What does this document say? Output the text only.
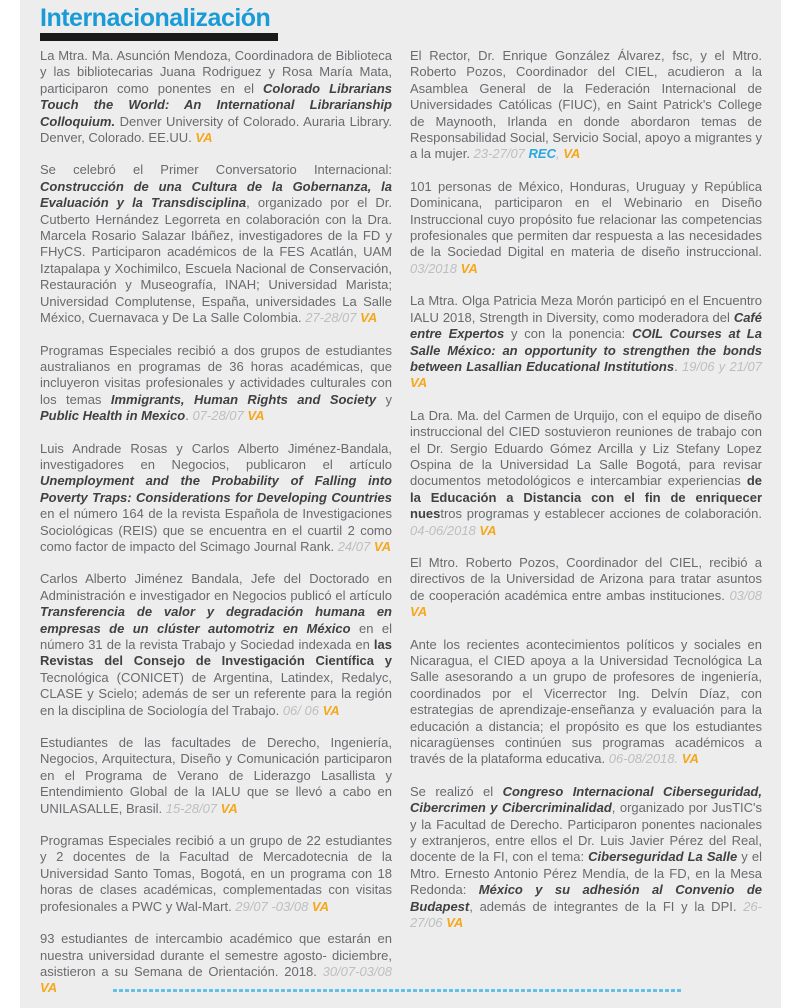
Internacionalización

La Mtra. Ma. Asunción Mendoza, Coordinadora de Biblioteca y las bibliotecarias Juana Rodriguez y Rosa María Mata, participaron como ponentes en el Colorado Librarians Touch the World: An International Librarianship Colloquium. Denver University of Colorado. Auraria Library. Denver, Colorado. EE.UU. VA

Se celebró el Primer Conversatorio Internacional: Construcción de una Cultura de la Gobernanza, la Evaluación y la Transdisciplina, organizado por el Dr. Cutberto Hernández Legorreta en colaboración con la Dra. Marcela Rosario Salazar Ibáñez, investigadores de la FD y FHyCS. Participaron académicos de la FES Acatlán, UAM Iztapalapa y Xochimilco, Escuela Nacional de Conservación, Restauración y Museografía, INAH; Universidad Marista; Universidad Complutense, España, universidades La Salle México, Cuernavaca y De La Salle Colombia. 27-28/07 VA

Programas Especiales recibió a dos grupos de estudiantes australianos en programas de 36 horas académicas, que incluyeron visitas profesionales y actividades culturales con los temas Immigrants, Human Rights and Society y Public Health in Mexico. 07-28/07 VA

Luis Andrade Rosas y Carlos Alberto Jiménez-Bandala, investigadores en Negocios, publicaron el artículo Unemployment and the Probability of Falling into Poverty Traps: Considerations for Developing Countries en el número 164 de la revista Española de Investigaciones Sociológicas (REIS) que se encuentra en el cuartil 2 como como factor de impacto del Scimago Journal Rank. 24/07 VA

Carlos Alberto Jiménez Bandala, Jefe del Doctorado en Administración e investigador en Negocios publicó el artículo Transferencia de valor y degradación humana en empresas de un clúster automotriz en México en el número 31 de la revista Trabajo y Sociedad indexada en las Revistas del Consejo de Investigación Científica y Tecnológica (CONICET) de Argentina, Latindex, Redalyc, CLASE y Scielo; además de ser un referente para la región en la disciplina de Sociología del Trabajo. 06/ 06 VA

Estudiantes de las facultades de Derecho, Ingeniería, Negocios, Arquitectura, Diseño y Comunicación participaron en el Programa de Verano de Liderazgo Lasallista y Entendimiento Global de la IALU que se llevó a cabo en UNILASALLE, Brasil. 15-28/07 VA

Programas Especiales recibió a un grupo de 22 estudiantes y 2 docentes de la Facultad de Mercadotecnia de la Universidad Santo Tomas, Bogotá, en un programa con 18 horas de clases académicas, complementadas con visitas profesionales a PWC y Wal-Mart. 29/07 -03/08 VA

93 estudiantes de intercambio académico que estarán en nuestra universidad durante el semestre agosto- diciembre, asistieron a su Semana de Orientación. 2018. 30/07-03/08 VA

El Rector, Dr. Enrique González Álvarez, fsc, y el Mtro. Roberto Pozos, Coordinador del CIEL, acudieron a la Asamblea General de la Federación Internacional de Universidades Católicas (FIUC), en Saint Patrick's College de Maynooth, Irlanda en donde abordaron temas de Responsabilidad Social, Servicio Social, apoyo a migrantes y a la mujer. 23-27/07 REC, VA

101 personas de México, Honduras, Uruguay y República Dominicana, participaron en el Webinario en Diseño Instruccional cuyo propósito fue relacionar las competencias profesionales que permiten dar respuesta a las necesidades de la Sociedad Digital en materia de diseño instruccional. 03/2018 VA

La Mtra. Olga Patricia Meza Morón participó en el Encuentro IALU 2018, Strength in Diversity, como moderadora del Café entre Expertos y con la ponencia: COIL Courses at La Salle México: an opportunity to strengthen the bonds between Lasallian Educational Institutions. 19/06 y 21/07 VA

La Dra. Ma. del Carmen de Urquijo, con el equipo de diseño instruccional del CIED sostuvieron reuniones de trabajo con el Dr. Sergio Eduardo Gómez Arcilla y Liz Stefany Lopez Ospina de la Universidad La Salle Bogotá, para revisar documentos metodológicos e intercambiar experiencias de la Educación a Distancia con el fin de enriquecer nuestros programas y establecer acciones de colaboración. 04-06/2018 VA

El Mtro. Roberto Pozos, Coordinador del CIEL, recibió a directivos de la Universidad de Arizona para tratar asuntos de cooperación académica entre ambas instituciones. 03/08 VA

Ante los recientes acontecimientos políticos y sociales en Nicaragua, el CIED apoya a la Universidad Tecnológica La Salle asesorando a un grupo de profesores de ingeniería, coordinados por el Vicerrector Ing. Delvín Díaz, con estrategias de aprendizaje-enseñanza y evaluación para la educación a distancia; el propósito es que los estudiantes nicaragüenses continúen sus programas académicos a través de la plataforma educativa. 06-08/2018. VA

Se realizó el Congreso Internacional Ciberseguridad, Cibercrimen y Cibercriminalidad, organizado por JusTIC's y la Facultad de Derecho. Participaron ponentes nacionales y extranjeros, entre ellos el Dr. Luis Javier Pérez del Real, docente de la FI, con el tema: Ciberseguridad La Salle y el Mtro. Ernesto Antonio Pérez Mendía, de la FD, en la Mesa Redonda: México y su adhesión al Convenio de Budapest, además de integrantes de la FI y la DPI. 26-27/06 VA
